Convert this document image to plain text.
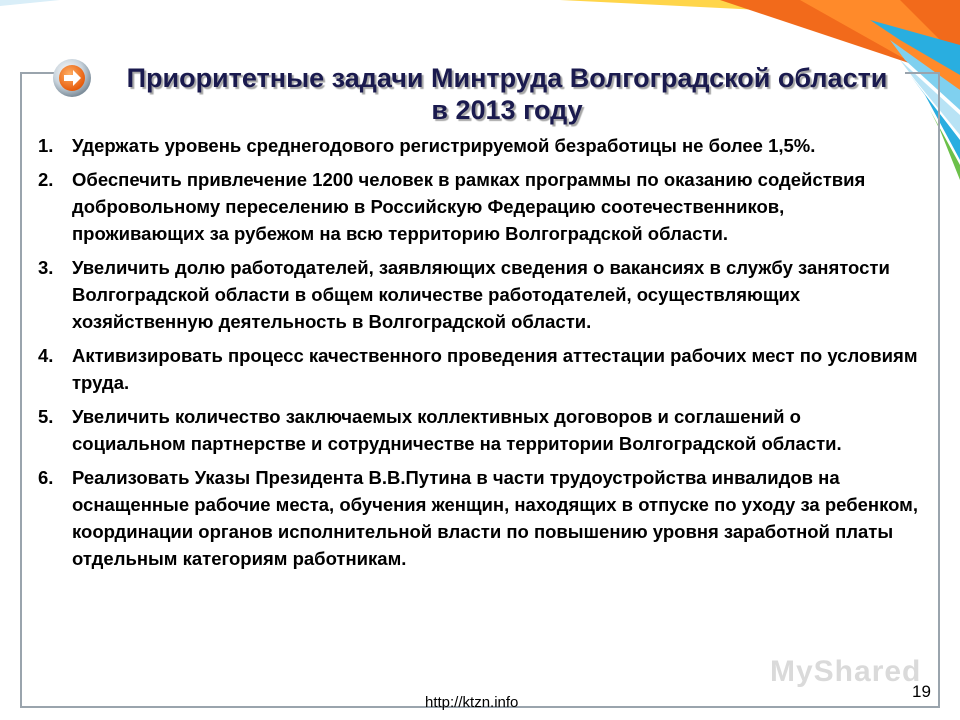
Приоритетные задачи Минтруда Волгоградской области
в 2013 году
1. Удержать уровень среднегодового регистрируемой безработицы не более 1,5%.
2. Обеспечить привлечение 1200 человек в рамках программы по оказанию содействия добровольному переселению в Российскую Федерацию соотечественников, проживающих за рубежом на всю территорию Волгоградской области.
3. Увеличить долю работодателей, заявляющих сведения о вакансиях в службу занятости Волгоградской области в общем количестве работодателей, осуществляющих хозяйственную деятельность в Волгоградской области.
4. Активизировать процесс качественного проведения аттестации рабочих мест по условиям труда.
5. Увеличить количество заключаемых коллективных договоров и соглашений о социальном партнерстве и сотрудничестве на территории Волгоградской области.
6. Реализовать Указы Президента В.В.Путина в части трудоустройства инвалидов на оснащенные рабочие места, обучения женщин, находящих в отпуске по уходу за ребенком, координации органов исполнительной власти по повышению уровня заработной платы отдельным категориям работникам.
MyShared
http://ktzn.info
19
